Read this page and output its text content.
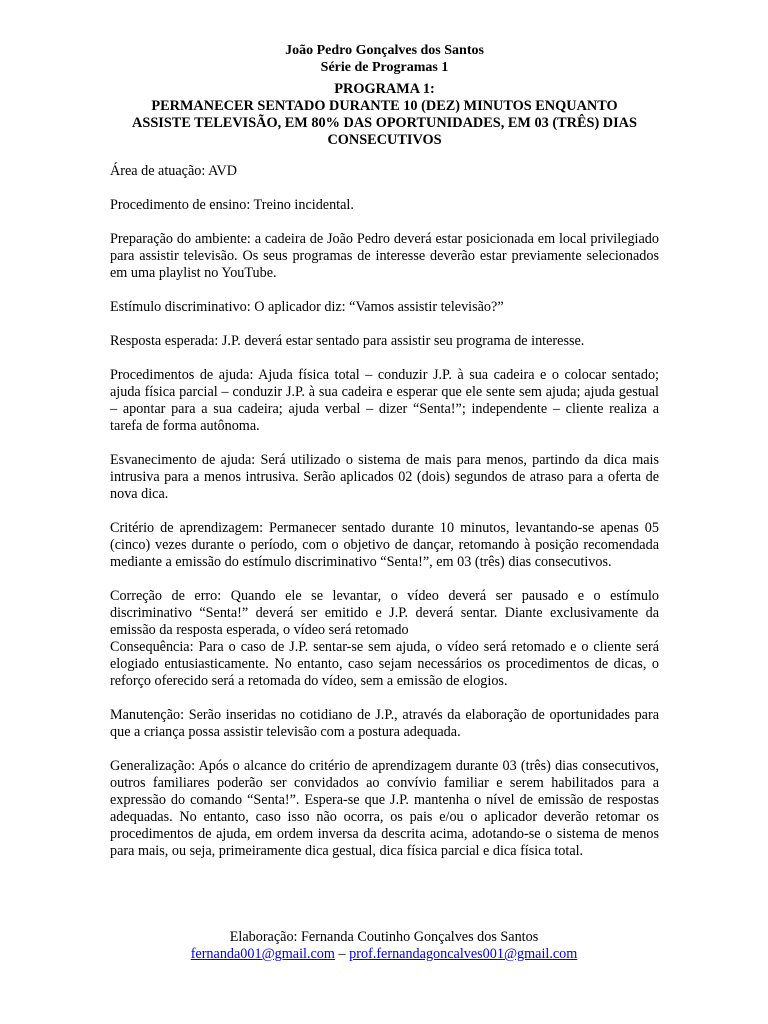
João Pedro Gonçalves dos Santos
Série de Programas 1
PROGRAMA 1:
PERMANECER SENTADO DURANTE 10 (DEZ) MINUTOS ENQUANTO
ASSISTE TELEVISÃO, EM 80% DAS OPORTUNIDADES, EM 03 (TRÊS) DIAS
CONSECUTIVOS

Área de atuação: AVD

Procedimento de ensino: Treino incidental.

Preparação do ambiente: a cadeira de João Pedro deverá estar posicionada em local privilegiado para assistir televisão. Os seus programas de interesse deverão estar previamente selecionados em uma playlist no YouTube.

Estímulo discriminativo: O aplicador diz: “Vamos assistir televisão?”

Resposta esperada: J.P. deverá estar sentado para assistir seu programa de interesse.

Procedimentos de ajuda: Ajuda física total – conduzir J.P. à sua cadeira e o colocar sentado; ajuda física parcial – conduzir J.P. à sua cadeira e esperar que ele sente sem ajuda; ajuda gestual – apontar para a sua cadeira; ajuda verbal – dizer “Senta!”; independente – cliente realiza a tarefa de forma autônoma.

Esvanecimento de ajuda: Será utilizado o sistema de mais para menos, partindo da dica mais intrusiva para a menos intrusiva. Serão aplicados 02 (dois) segundos de atraso para a oferta de nova dica.

Critério de aprendizagem: Permanecer sentado durante 10 minutos, levantando-se apenas 05 (cinco) vezes durante o período, com o objetivo de dançar, retomando à posição recomendada mediante a emissão do estímulo discriminativo “Senta!”, em 03 (três) dias consecutivos.

Correção de erro: Quando ele se levantar, o vídeo deverá ser pausado e o estímulo discriminativo “Senta!” deverá ser emitido e J.P. deverá sentar. Diante exclusivamente da emissão da resposta esperada, o vídeo será retomado

Consequência: Para o caso de J.P. sentar-se sem ajuda, o vídeo será retomado e o cliente será elogiado entusiasticamente. No entanto, caso sejam necessários os procedimentos de dicas, o reforço oferecido será a retomada do vídeo, sem a emissão de elogios.

Manutenção: Serão inseridas no cotidiano de J.P., através da elaboração de oportunidades para que a criança possa assistir televisão com a postura adequada.

Generalização: Após o alcance do critério de aprendizagem durante 03 (três) dias consecutivos, outros familiares poderão ser convidados ao convívio familiar e serem habilitados para a expressão do comando “Senta!”. Espera-se que J.P. mantenha o nível de emissão de respostas adequadas. No entanto, caso isso não ocorra, os pais e/ou o aplicador deverão retomar os procedimentos de ajuda, em ordem inversa da descrita acima, adotando-se o sistema de menos para mais, ou seja, primeiramente dica gestual, dica física parcial e dica física total.

Elaboração: Fernanda Coutinho Gonçalves dos Santos
fernanda001@gmail.com – prof.fernandagoncalves001@gmail.com
